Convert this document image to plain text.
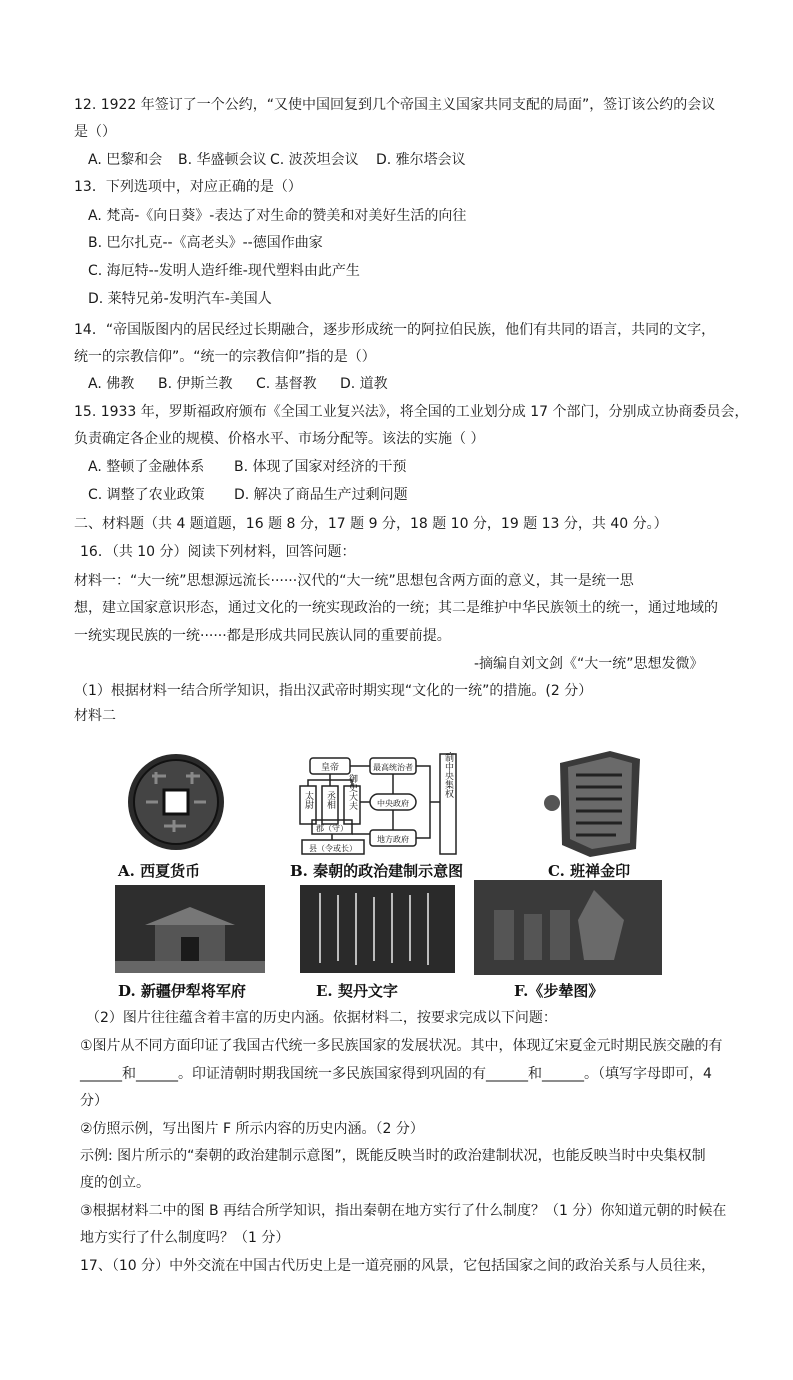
12. 1922 年签订了一个公约，“又使中国回复到几个帝国主义国家共同支配的局面”，签订该公约的会议
是（）
A. 巴黎和会 B. 华盛顿会议 C. 波茨坦会议 D. 雅尔塔会议
13．下列选项中，对应正确的是（）
A. 梵高-《向日葵》-表达了对生命的赞美和对美好生活的向往
B. 巴尔扎克--《高老头》--德国作曲家
C. 海厄特--发明人造纤维-现代塑料由此产生
D. 莱特兄弟-发明汽车-美国人
14．“帝国版图内的居民经过长期融合，逐步形成统一的阿拉伯民族，他们有共同的语言，共同的文字，
统一的宗教信仰”。“统一的宗教信仰”指的是（）
A. 佛教 B. 伊斯兰教 C. 基督教 D. 道教
15. 1933 年，罗斯福政府颁布《全国工业复兴法》，将全国的工业划分成 17 个部门，分别成立协商委员会，
负责确定各企业的规模、价格水平、市场分配等。该法的实施（ ）
A. 整顿了金融体系 B. 体现了国家对经济的干预
C. 调整了农业政策 D. 解决了商品生产过剩问题
二、材料题（共 4 题道题，16 题 8 分，17 题 9 分，18 题 10 分，19 题 13 分，共 40 分。）
16．（共 10 分）阅读下列材料，回答问题：
材料一：“大一统”思想源远流长······汉代的“大一统”思想包含两方面的意义，其一是统一思
想，建立国家意识形态，通过文化的一统实现政治的一统；其二是维护中华民族领土的统一，通过地域的
一统实现民族的一统······都是形成共同民族认同的重要前提。
-摘编自刘文剑《“大一统”思想发微》
（1）根据材料一结合所学知识，指出汉武帝时期实现“文化的一统”的措施。(2 分）
材料二
A. 西夏货币
皇帝
太尉 丞相 御史大夫
最高统治者
中央政府
地方政府
郡（守）
县（令或长）
君主专制中央集权
B. 秦朝的政治建制示意图	C. 班禅金印
D. 新疆伊犁将军府	E. 契丹文字	F.《步辇图》
（2）图片往往蕴含着丰富的历史内涵。依据材料二，按要求完成以下问题：
①图片从不同方面印证了我国古代统一多民族国家的发展状况。其中，体现辽宋夏金元时期民族交融的有
______和______。印证清朝时期我国统一多民族国家得到巩固的有______和______。（填写字母即可，4
分）
②仿照示例，写出图片 F 所示内容的历史内涵。（2 分）
示例: 图片所示的“秦朝的政治建制示意图”，既能反映当时的政治建制状况，也能反映当时中央集权制
度的创立。
③根据材料二中的图 B 再结合所学知识，指出秦朝在地方实行了什么制度？（1 分）你知道元朝的时候在
地方实行了什么制度吗？（1 分）
17、（10 分）中外交流在中国古代历史上是一道亮丽的风景，它包括国家之间的政治关系与人员往来，
